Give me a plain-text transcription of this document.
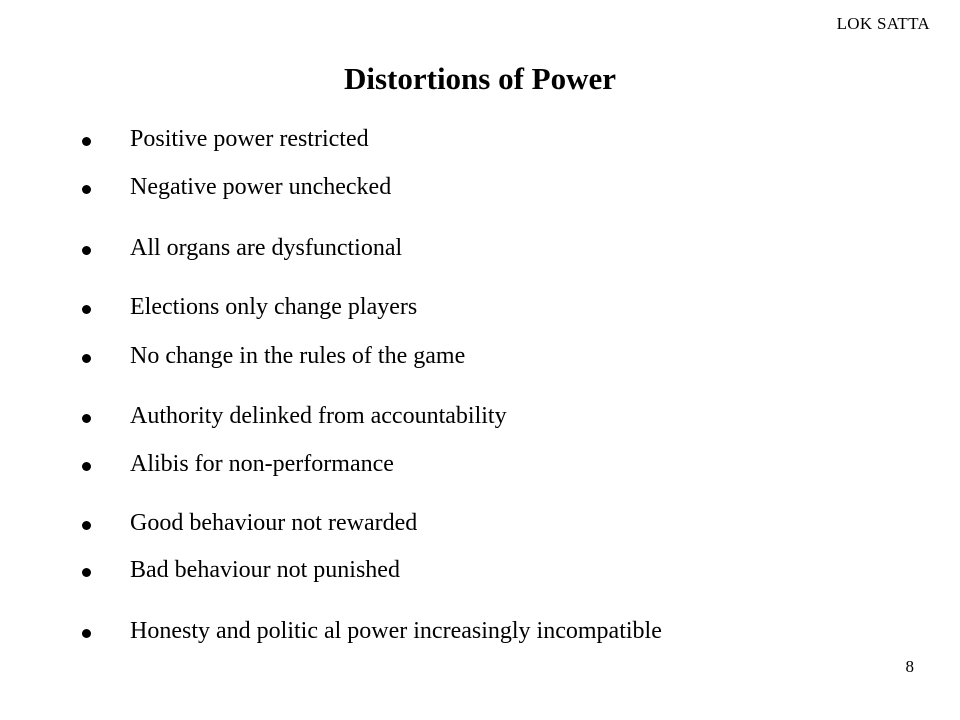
LOK SATTA
Distortions of Power
Positive power restricted
Negative power unchecked
All organs are dysfunctional
Elections only change players
No change in the rules of the game
Authority delinked from accountability
Alibis for non-performance
Good behaviour not rewarded
Bad behaviour not punished
Honesty and politic al power increasingly incompatible
8
